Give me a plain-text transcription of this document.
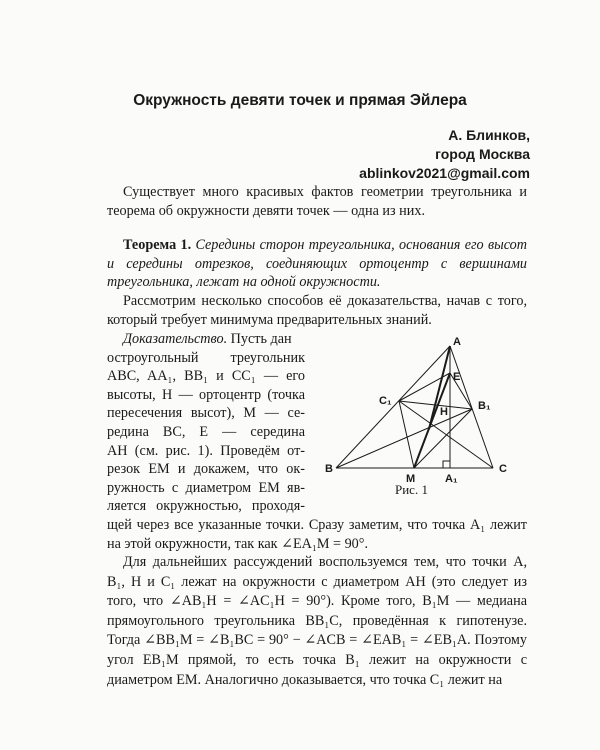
Окружность девяти точек и прямая Эйлера
А. Блинков,
город Москва
ablinkov2021@gmail.com

Существует много красивых фактов геометрии треугольника и теорема об окружности девяти точек — одна из них.

Теорема 1. Середины сторон треугольника, основания его высот и середины отрезков, соединяющих ортоцентр с вершинами треугольника, лежат на одной окружности.

Рассмотрим несколько способов её доказательства, начав с того, который требует минимума предварительных знаний.

Доказательство. Пусть дан
остроугольный треугольник
ABC, AA₁, BB₁ и CC₁ — его
высоты, H — ортоцентр (точка
пересечения высот), M — се-
редина BC, E — середина
AH (см. рис. 1). Проведём от-
резок EM и докажем, что ок-
ружность с диаметром EM яв-
ляется окружностью, проходя-
A
B	C
M	A₁
B₁
C₁
E
H
Рис. 1

щей через все указанные точки. Сразу заметим, что точка A₁ лежит на этой окружности, так как ∠EA₁M = 90°.

Для дальнейших рассуждений воспользуемся тем, что точки A, B₁, H и C₁ лежат на окружности с диаметром AH (это следует из того, что ∠AB₁H = ∠AC₁H = 90°). Кроме того, B₁M — медиана прямоугольного треугольника BB₁C, проведённая к гипотенузе. Тогда ∠BB₁M = ∠B₁BC = 90° − ∠ACB = ∠EAB₁ = ∠EB₁A. Поэтому угол EB₁M прямой, то есть точка B₁ лежит на окружности с диаметром EM. Аналогично доказывается, что точка C₁ лежит на
